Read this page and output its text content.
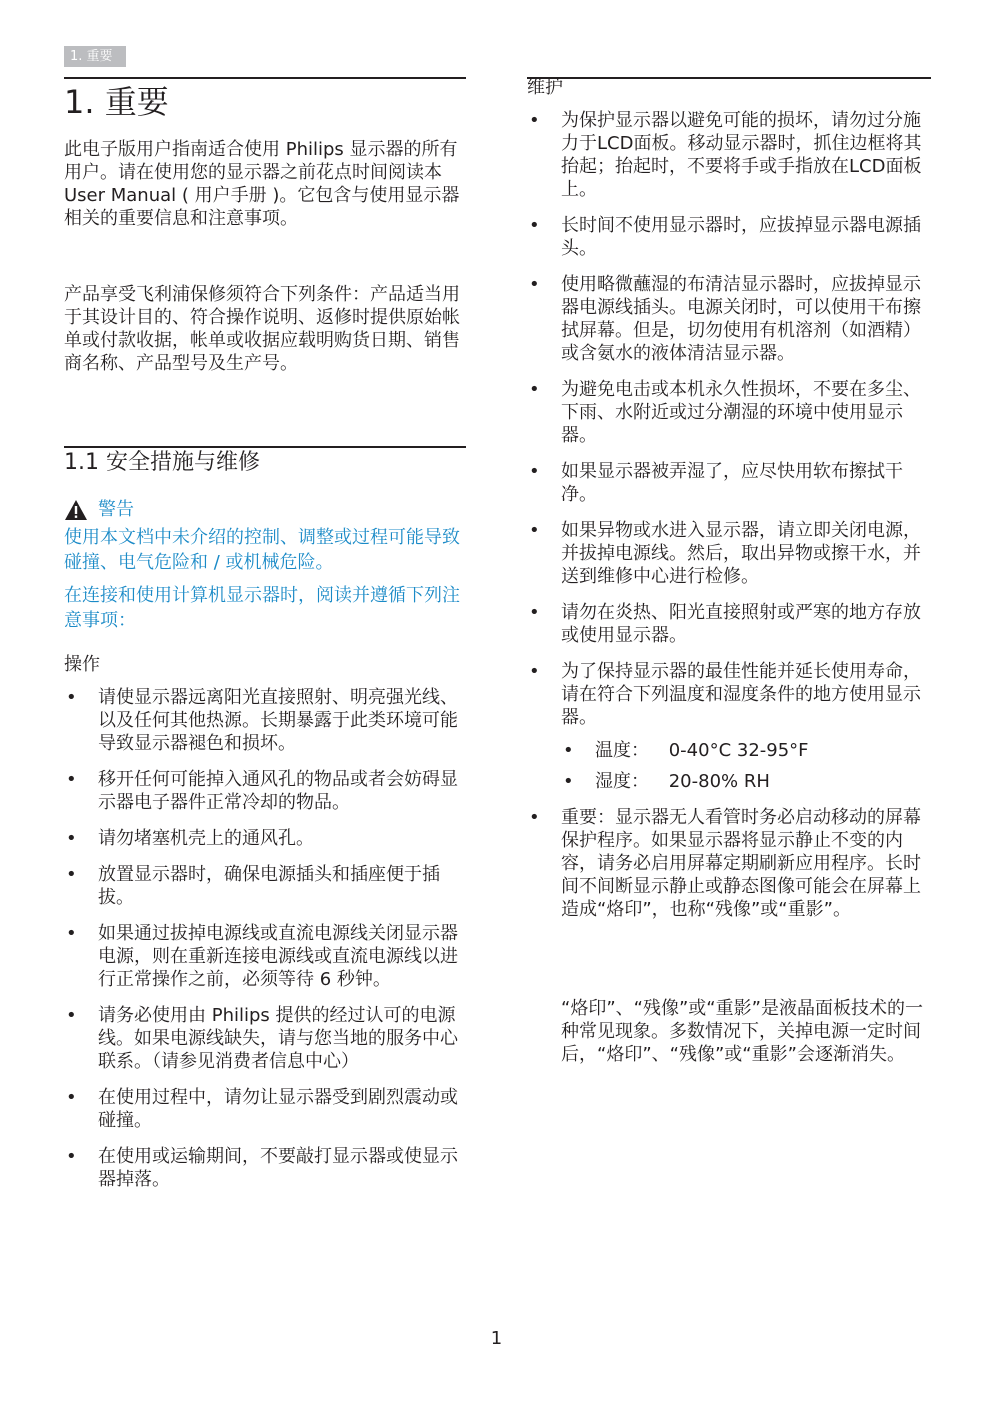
1. 重要
1. 重要

此电子版用户指南适合使用 Philips 显示器的所有用户。请在使用您的显示器之前花点时间阅读本 User Manual ( 用户手册 )。它包含与使用显示器相关的重要信息和注意事项。

产品享受飞利浦保修须符合下列条件：产品适当用于其设计目的、符合操作说明、返修时提供原始帐单或付款收据，帐单或收据应载明购货日期、销售商名称、产品型号及生产号。

1.1 安全措施与维修
警告

使用本文档中未介绍的控制、调整或过程可能导致碰撞、电气危险和 / 或机械危险。

在连接和使用计算机显示器时，阅读并遵循下列注意事项：

操作
• 请使显示器远离阳光直接照射、明亮强光线、以及任何其他热源。长期暴露于此类环境可能导致显示器褪色和损坏。
• 移开任何可能掉入通风孔的物品或者会妨碍显示器电子器件正常冷却的物品。
• 请勿堵塞机壳上的通风孔。
• 放置显示器时，确保电源插头和插座便于插拔。
• 如果通过拔掉电源线或直流电源线关闭显示器电源，则在重新连接电源线或直流电源线以进行正常操作之前，必须等待 6 秒钟。
• 请务必使用由 Philips 提供的经过认可的电源线。如果电源线缺失，请与您当地的服务中心联系。（请参见消费者信息中心）
• 在使用过程中，请勿让显示器受到剧烈震动或碰撞。
• 在使用或运输期间，不要敲打显示器或使显示器掉落。
维护
• 为保护显示器以避免可能的损坏，请勿过分施力于LCD面板。移动显示器时，抓住边框将其抬起；抬起时，不要将手或手指放在LCD面板上。
• 长时间不使用显示器时，应拔掉显示器电源插头。
• 使用略微蘸湿的布清洁显示器时，应拔掉显示器电源线插头。电源关闭时，可以使用干布擦拭屏幕。但是，切勿使用有机溶剂（如酒精）或含氨水的液体清洁显示器。
• 为避免电击或本机永久性损坏，不要在多尘、下雨、水附近或过分潮湿的环境中使用显示器。
• 如果显示器被弄湿了，应尽快用软布擦拭干净。
• 如果异物或水进入显示器，请立即关闭电源，并拔掉电源线。然后，取出异物或擦干水，并送到维修中心进行检修。
• 请勿在炎热、阳光直接照射或严寒的地方存放或使用显示器。
• 为了保持显示器的最佳性能并延长使用寿命，请在符合下列温度和湿度条件的地方使用显示器。
• 温度： 0-40°C 32-95°F
• 湿度： 20-80% RH
• 重要：显示器无人看管时务必启动移动的屏幕保护程序。如果显示器将显示静止不变的内容，请务必启用屏幕定期刷新应用程序。长时间不间断显示静止或静态图像可能会在屏幕上造成“烙印”，也称“残像”或“重影”。

“烙印”、“残像”或“重影”是液晶面板技术的一种常见现象。多数情况下，关掉电源一定时间后，“烙印”、“残像”或“重影”会逐渐消失。

1
